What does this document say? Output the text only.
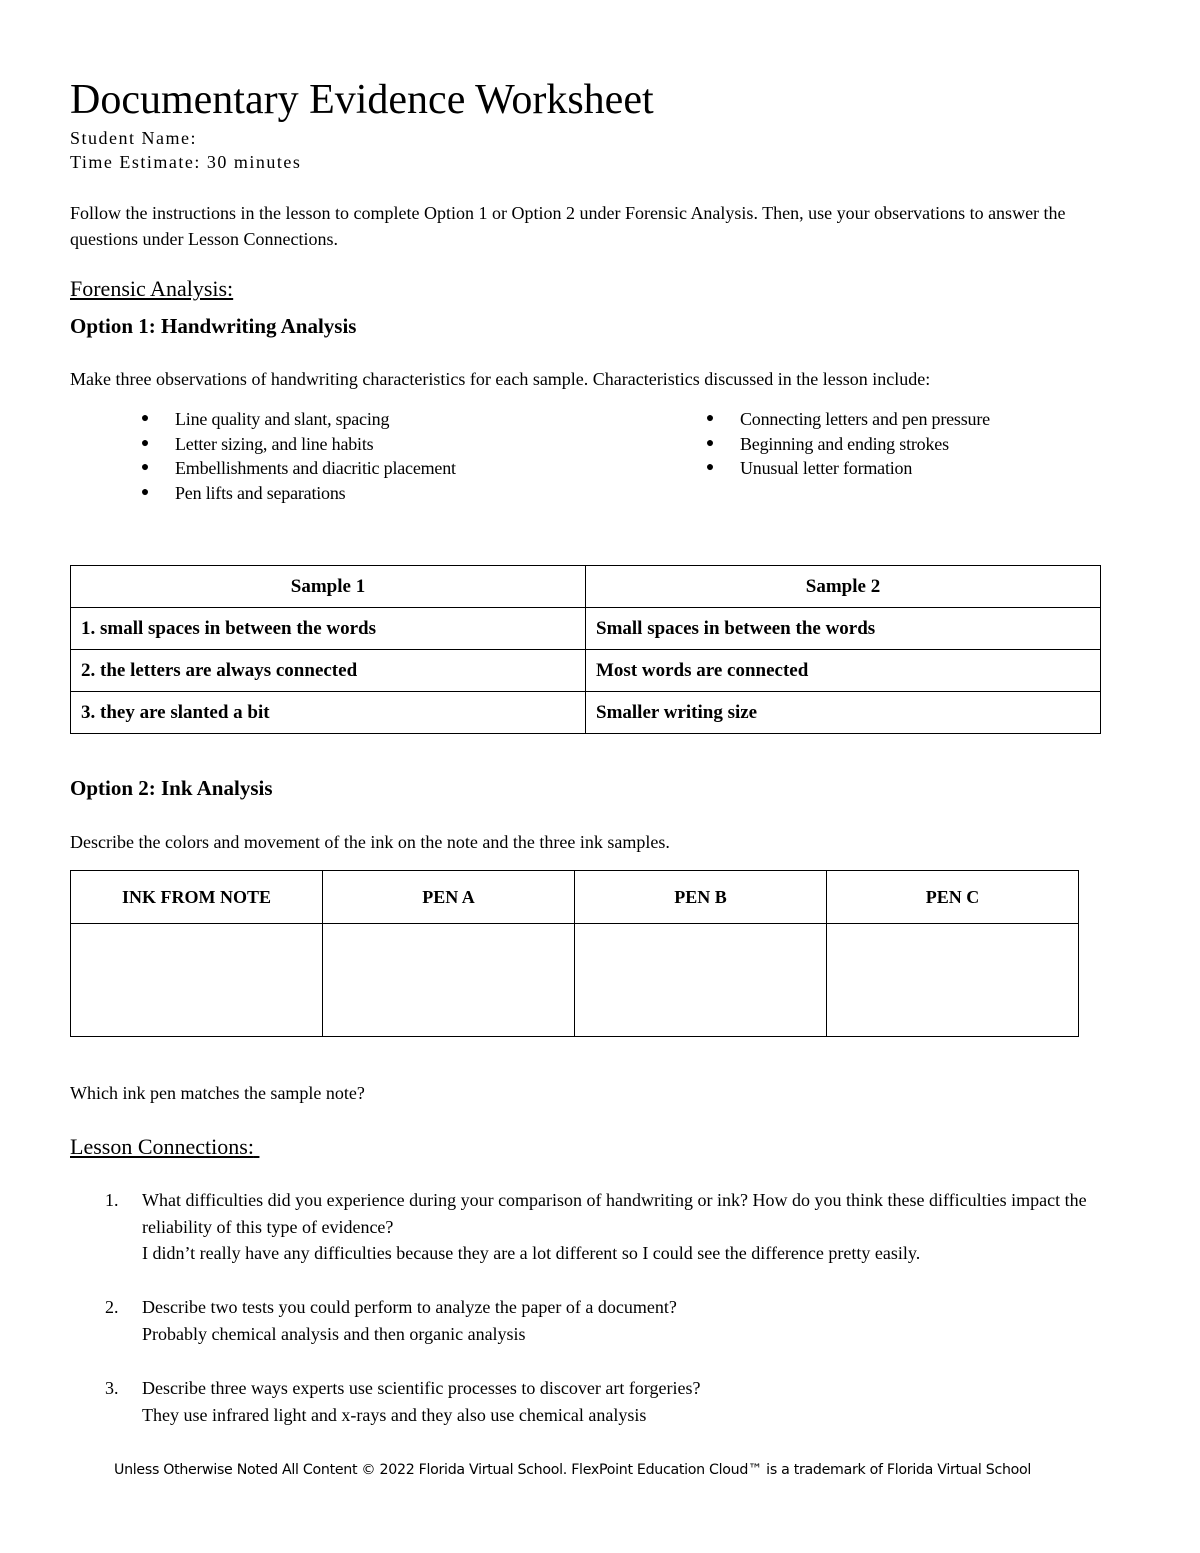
Documentary Evidence Worksheet
Student Name:
Time Estimate: 30 minutes
Follow the instructions in the lesson to complete Option 1 or Option 2 under Forensic Analysis. Then, use your observations to answer the questions under Lesson Connections.
Forensic Analysis:
Option 1: Handwriting Analysis
Make three observations of handwriting characteristics for each sample. Characteristics discussed in the lesson include:
● Line quality and slant, spacing
● Letter sizing, and line habits
● Embellishments and diacritic placement
● Pen lifts and separations
● Connecting letters and pen pressure
● Beginning and ending strokes
● Unusual letter formation
Sample 1	Sample 2
1. small spaces in between the words	Small spaces in between the words
2. the letters are always connected	Most words are connected
3. they are slanted a bit	Smaller writing size
Option 2: Ink Analysis
Describe the colors and movement of the ink on the note and the three ink samples.
INK FROM NOTE	PEN A	PEN B	PEN C

Which ink pen matches the sample note?
Lesson Connections:
1. What difficulties did you experience during your comparison of handwriting or ink? How do you think these difficulties impact the reliability of this type of evidence?
I didn’t really have any difficulties because they are a lot different so I could see the difference pretty easily.
2. Describe two tests you could perform to analyze the paper of a document?
Probably chemical analysis and then organic analysis
3. Describe three ways experts use scientific processes to discover art forgeries?
They use infrared light and x-rays and they also use chemical analysis
Unless Otherwise Noted All Content © 2022 Florida Virtual School. FlexPoint Education Cloud™ is a trademark of Florida Virtual School
